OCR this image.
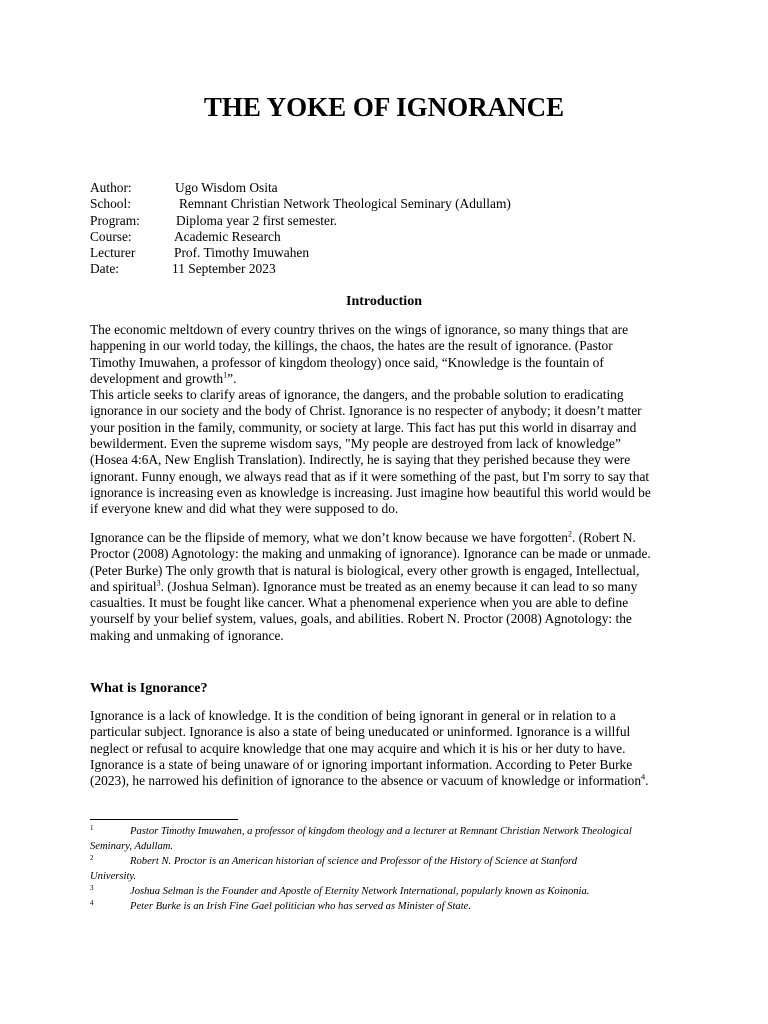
THE YOKE OF IGNORANCE
Author:	Ugo Wisdom Osita
School:	Remnant Christian Network Theological Seminary (Adullam)
Program:	Diploma year 2 first semester.
Course:	Academic Research
Lecturer	Prof. Timothy Imuwahen
Date:	11 September 2023
Introduction
The economic meltdown of every country thrives on the wings of ignorance, so many things that are
happening in our world today, the killings, the chaos, the hates are the result of ignorance. (Pastor
Timothy Imuwahen, a professor of kingdom theology) once said, “Knowledge is the fountain of
development and growth$^1$”.
This article seeks to clarify areas of ignorance, the dangers, and the probable solution to eradicating
ignorance in our society and the body of Christ. Ignorance is no respecter of anybody; it doesn’t matter
your position in the family, community, or society at large. This fact has put this world in disarray and
bewilderment. Even the supreme wisdom says, "My people are destroyed from lack of knowledge”
(Hosea 4:6A, New English Translation). Indirectly, he is saying that they perished because they were
ignorant. Funny enough, we always read that as if it were something of the past, but I'm sorry to say that
ignorance is increasing even as knowledge is increasing. Just imagine how beautiful this world would be
if everyone knew and did what they were supposed to do.
Ignorance can be the flipside of memory, what we don’t know because we have forgotten$^2$. (Robert N.
Proctor (2008) Agnotology: the making and unmaking of ignorance). Ignorance can be made or unmade.
(Peter Burke) The only growth that is natural is biological, every other growth is engaged, Intellectual,
and spiritual$^3$. (Joshua Selman). Ignorance must be treated as an enemy because it can lead to so many
casualties. It must be fought like cancer. What a phenomenal experience when you are able to define
yourself by your belief system, values, goals, and abilities. Robert N. Proctor (2008) Agnotology: the
making and unmaking of ignorance.
What is Ignorance?
Ignorance is a lack of knowledge. It is the condition of being ignorant in general or in relation to a
particular subject. Ignorance is also a state of being uneducated or uninformed. Ignorance is a willful
neglect or refusal to acquire knowledge that one may acquire and which it is his or her duty to have.
Ignorance is a state of being unaware of or ignoring important information. According to Peter Burke
(2023), he narrowed his definition of ignorance to the absence or vacuum of knowledge or information$^4$.
1	Pastor Timothy Imuwahen, a professor of kingdom theology and a lecturer at Remnant Christian Network Theological
Seminary, Adullam.
2	Robert N. Proctor is an American historian of science and Professor of the History of Science at Stanford
University.
3	Joshua Selman is the Founder and Apostle of Eternity Network International, popularly known as Koinonia.
4	Peter Burke is an Irish Fine Gael politician who has served as Minister of State.
